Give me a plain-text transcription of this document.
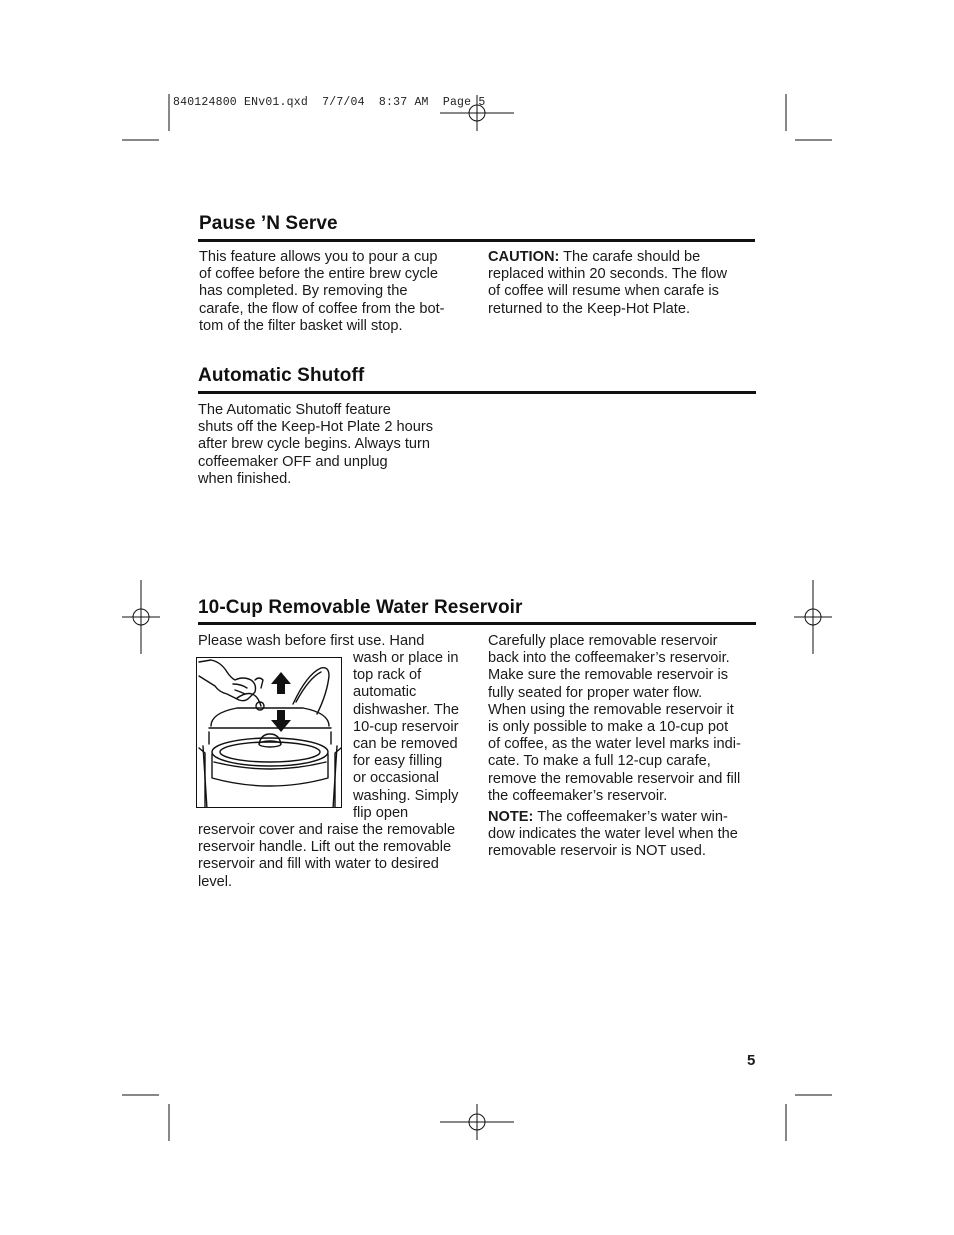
840124800 ENv01.qxd  7/7/04  8:37 AM  Page 5
Pause ’N Serve

This feature allows you to pour a cup
of coffee before the entire brew cycle
has completed. By removing the
carafe, the flow of coffee from the bot-
tom of the filter basket will stop.

CAUTION: The carafe should be
replaced within 20 seconds. The flow
of coffee will resume when carafe is
returned to the Keep-Hot Plate.

Automatic Shutoff

The Automatic Shutoff feature
shuts off the Keep-Hot Plate 2 hours
after brew cycle begins. Always turn
coffeemaker OFF and unplug
when finished.

10-Cup Removable Water Reservoir

Please wash before first use. Hand

wash or place in
top rack of
automatic
dishwasher. The
10-cup reservoir
can be removed
for easy filling
or occasional
washing. Simply
flip open

reservoir cover and raise the removable
reservoir handle. Lift out the removable
reservoir and fill with water to desired
level.

Carefully place removable reservoir
back into the coffeemaker’s reservoir.
Make sure the removable reservoir is
fully seated for proper water flow.
When using the removable reservoir it
is only possible to make a 10-cup pot
of coffee, as the water level marks indi-
cate. To make a full 12-cup carafe,
remove the removable reservoir and fill
the coffeemaker’s reservoir.

NOTE: The coffeemaker’s water win-
dow indicates the water level when the
removable reservoir is NOT used.

5
